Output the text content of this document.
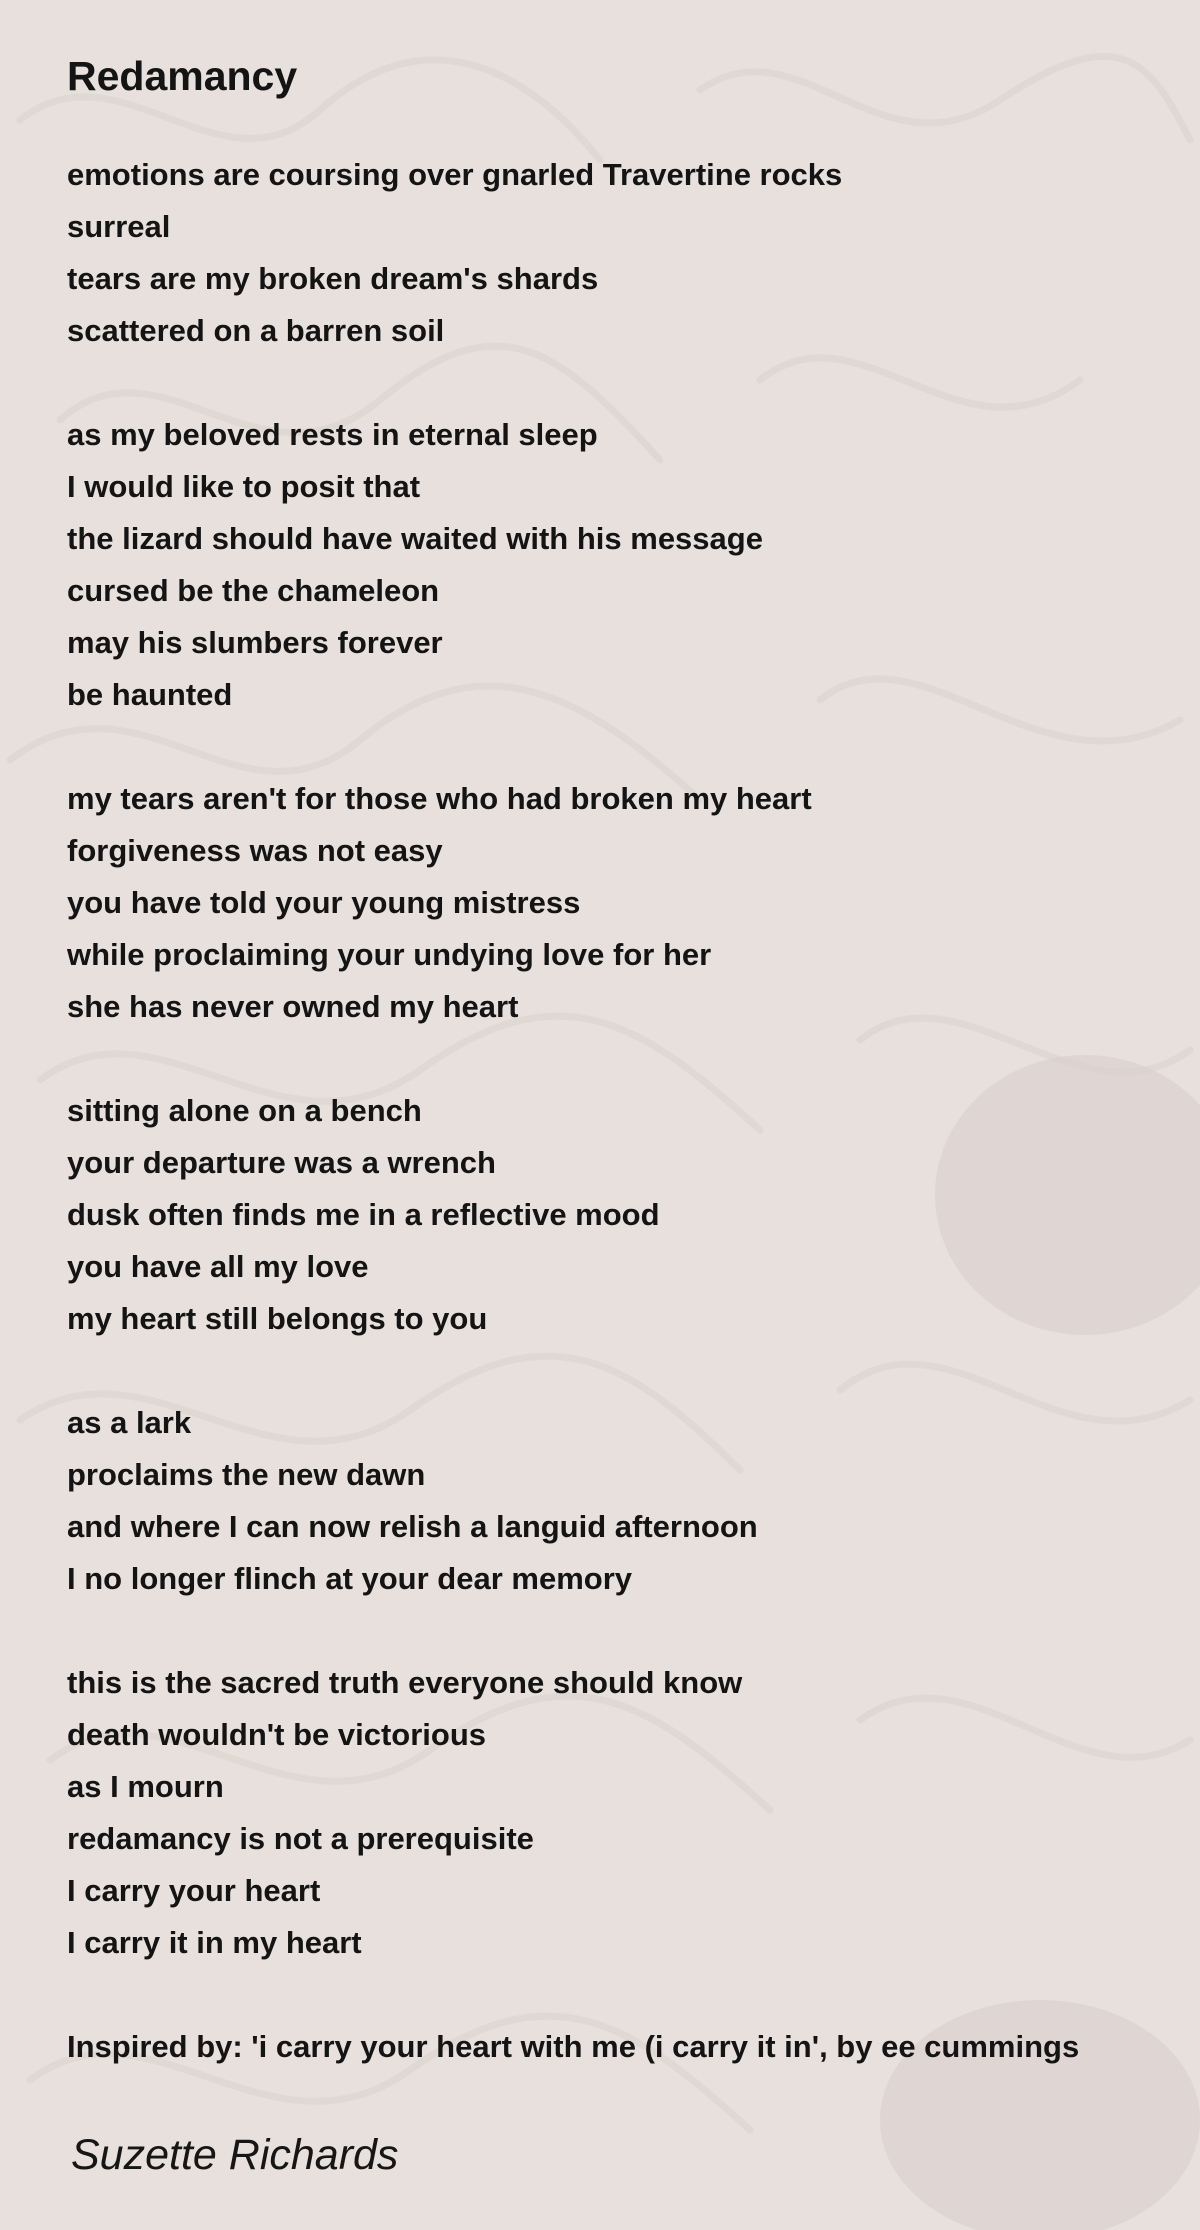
Redamancy
emotions are coursing over gnarled Travertine rocks
surreal
tears are my broken dream's shards
scattered on a barren soil
as my beloved rests in eternal sleep
I would like to posit that
the lizard should have waited with his message
cursed be the chameleon
may his slumbers forever
be haunted
my tears aren't for those who had broken my heart
forgiveness was not easy
you have told your young mistress
while proclaiming your undying love for her
she has never owned my heart
sitting alone on a bench
your departure was a wrench
dusk often finds me in a reflective mood
you have all my love
my heart still belongs to you
as a lark
proclaims the new dawn
and where I can now relish a languid afternoon
I no longer flinch at your dear memory
this is the sacred truth everyone should know
death wouldn't be victorious
as I mourn
redamancy is not a prerequisite
I carry your heart
I carry it in my heart
Inspired by: 'i carry your heart with me (i carry it in', by ee cummings
Suzette Richards
